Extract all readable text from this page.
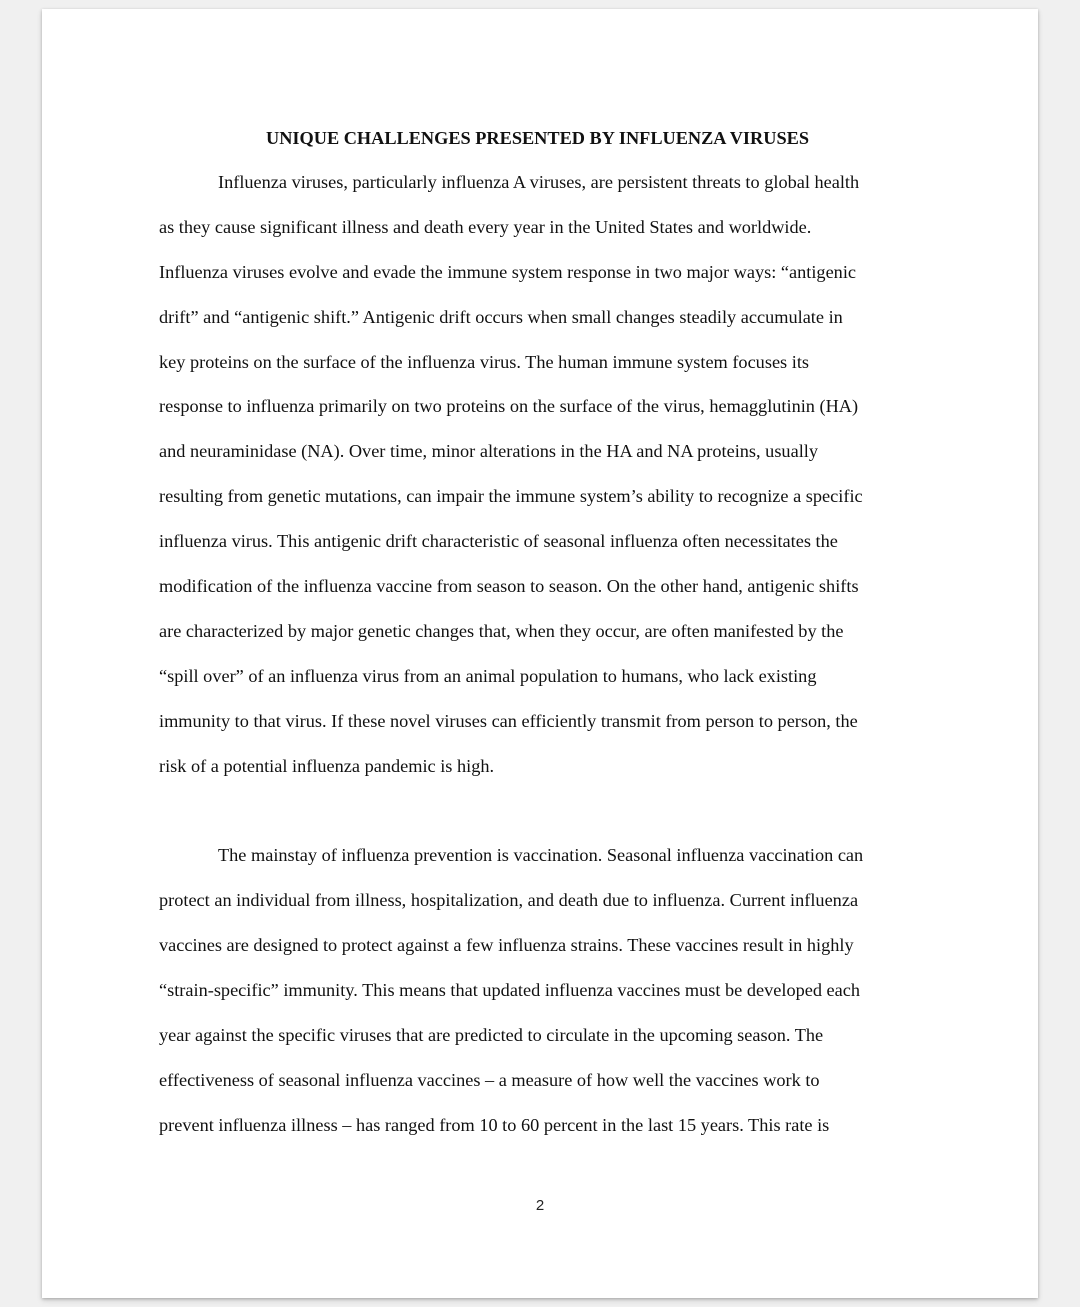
UNIQUE CHALLENGES PRESENTED BY INFLUENZA VIRUSES
Influenza viruses, particularly influenza A viruses, are persistent threats to global health
as they cause significant illness and death every year in the United States and worldwide.
Influenza viruses evolve and evade the immune system response in two major ways: “antigenic
drift” and “antigenic shift.” Antigenic drift occurs when small changes steadily accumulate in
key proteins on the surface of the influenza virus. The human immune system focuses its
response to influenza primarily on two proteins on the surface of the virus, hemagglutinin (HA)
and neuraminidase (NA). Over time, minor alterations in the HA and NA proteins, usually
resulting from genetic mutations, can impair the immune system’s ability to recognize a specific
influenza virus. This antigenic drift characteristic of seasonal influenza often necessitates the
modification of the influenza vaccine from season to season. On the other hand, antigenic shifts
are characterized by major genetic changes that, when they occur, are often manifested by the
“spill over” of an influenza virus from an animal population to humans, who lack existing
immunity to that virus. If these novel viruses can efficiently transmit from person to person, the
risk of a potential influenza pandemic is high.
The mainstay of influenza prevention is vaccination. Seasonal influenza vaccination can
protect an individual from illness, hospitalization, and death due to influenza. Current influenza
vaccines are designed to protect against a few influenza strains. These vaccines result in highly
“strain-specific” immunity. This means that updated influenza vaccines must be developed each
year against the specific viruses that are predicted to circulate in the upcoming season. The
effectiveness of seasonal influenza vaccines – a measure of how well the vaccines work to
prevent influenza illness – has ranged from 10 to 60 percent in the last 15 years. This rate is
2
